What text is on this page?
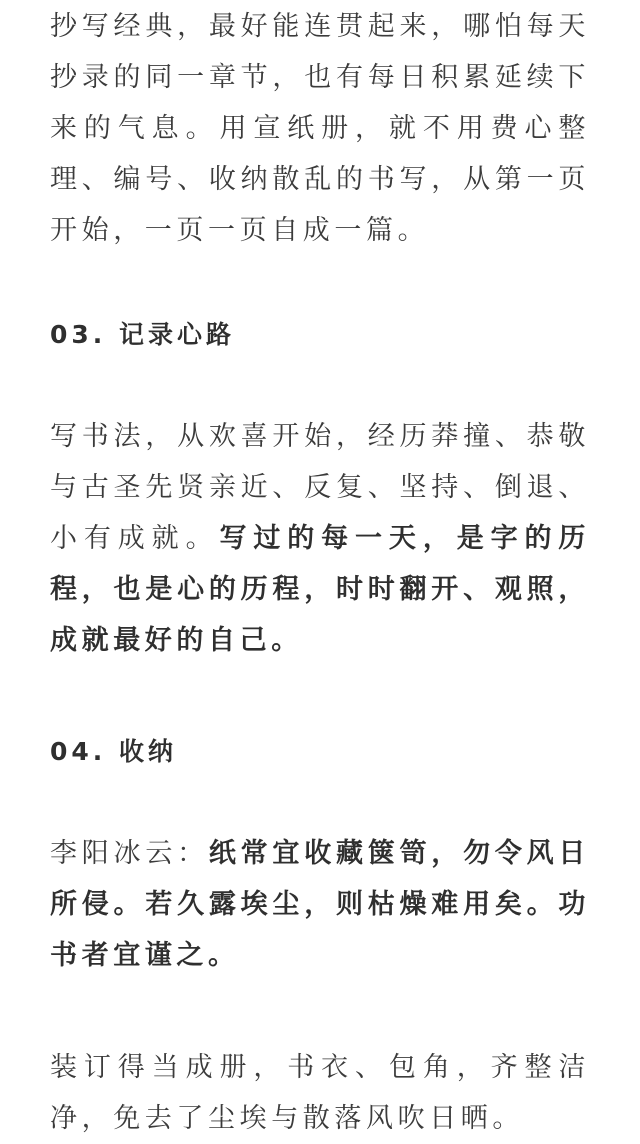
抄写经典，最好能连贯起来，哪怕每天抄录的同一章节，也有每日积累延续下来的气息。用宣纸册，就不用费心整理、编号、收纳散乱的书写，从第一页开始，一页一页自成一篇。

03. 记录心路

写书法，从欢喜开始，经历莽撞、恭敬与古圣先贤亲近、反复、坚持、倒退、小有成就。写过的每一天，是字的历程，也是心的历程，时时翻开、观照，成就最好的自己。

04. 收纳

李阳冰云：纸常宜收藏箧笥，勿令风日所侵。若久露埃尘，则枯燥难用矣。功书者宜谨之。

装订得当成册，书衣、包角，齐整洁净，免去了尘埃与散落风吹日晒。
